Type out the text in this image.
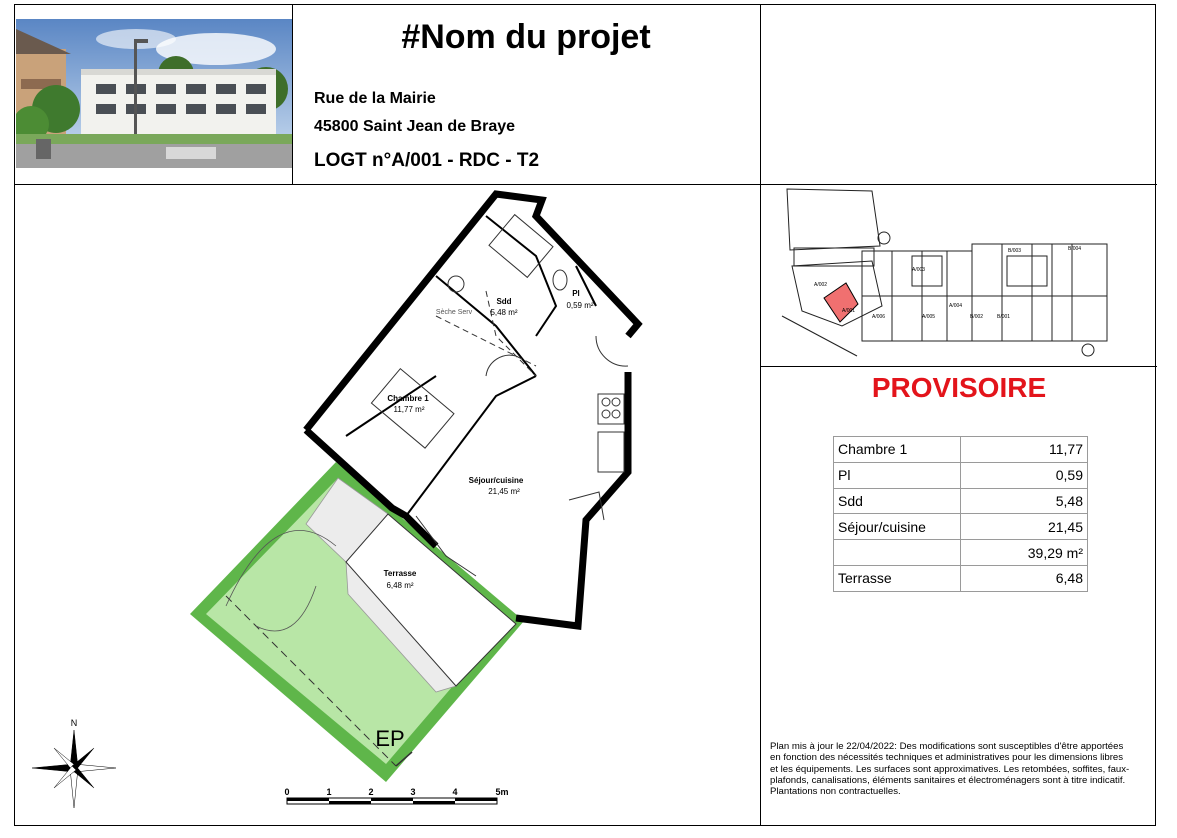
#Nom du projet
Rue de la Mairie
45800 Saint Jean de Braye
LOGT n°A/001 - RDC - T2
B/003	B/004
A/003
A/002
A/001
A/006	A/005
A/004
B/002	B/001
PROVISOIRE
Chambre 1	11,77
Pl	0,59
Sdd	5,48
Séjour/cuisine	21,45
	39,29 m²
Terrasse	6,48
Plan mis à jour le 22/04/2022: Des modifications sont susceptibles d'être apportées en fonction des nécessités techniques et administratives pour les dimensions libres et les équipements. Les surfaces sont approximatives. Les retombées, soffites, faux-plafonds, canalisations, éléments sanitaires et électroménagers sont à titre indicatif. Plantations non contractuelles.
Sdd
5,48 m²
Pl
0,59 m²
Chambre 1
11,77 m²
Séjour/cuisine
21,45 m²
Terrasse
6,48 m²
Sèche Serv
EP
N
0	1	2	3	4	5m
